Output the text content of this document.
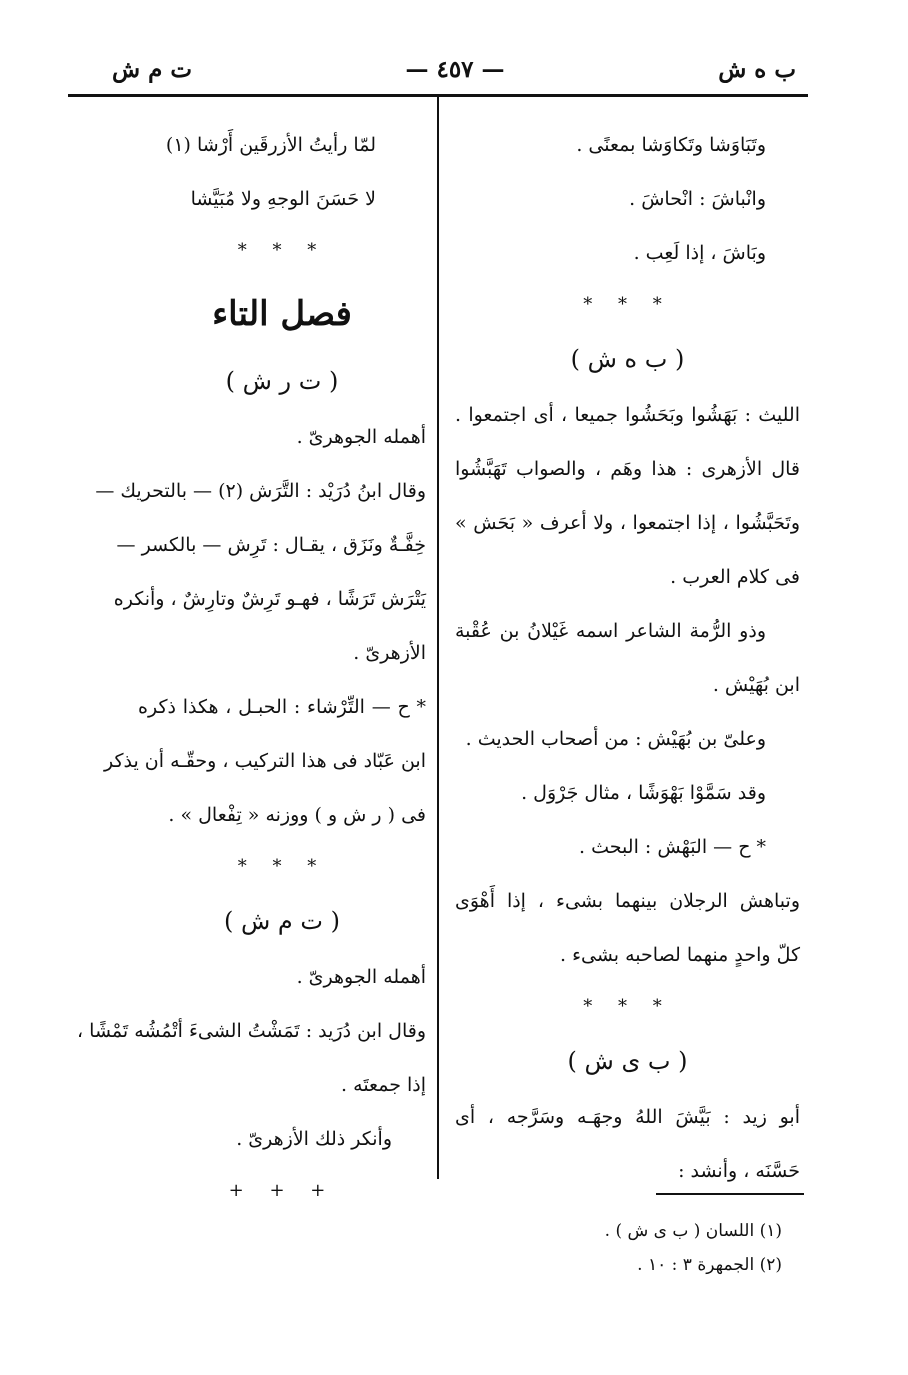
ب ه ش
— ٤٥٧ —
ت م ش
وتَبَاوَشا وتَكاوَشا بمعنًى .
وانْباشَ : انْحاشَ .
وبَاشَ ، إذا لَعِب .
* * *
( ب ه ش )
الليث : بَهَشُوا وبَحَشُوا جميعا ، أى اجتمعوا .
قال الأزهرى : هذا وهَم ، والصواب تَهَبَّشُوا
وتَحَبَّشُوا ، إذا اجتمعوا ، ولا أعرف « بَحَش »
فى كلام العرب .
وذو الرُّمة الشاعر اسمه غَيْلانُ بن عُقْبة
ابن بُهَيْش .
وعلىّ بن بُهَيْش : من أصحاب الحديث .
وقد سَمَّوْا بَهْوَشًا ، مثال جَرْوَل .
* ح — البَهْش : البحث .
وتباهش الرجلان بينهما بشىء ، إذا أَهْوَى
كلّ واحدٍ منهما لصاحبه بشىء .
* * *
( ب ى ش )
أبو زيد : بَيَّشَ اللهُ وجهَـه وسَرَّجه ، أى
حَسَّنَه ، وأنشد :
لمّا رأيتُ الأزرقَين أَرْشا (١)
لا حَسَنَ الوجهِ ولا مُبَيَّشا
* * *
فصل التاء
( ت ر ش )
أهمله الجوهرىّ .
وقال ابنُ دُرَيْد : التَّرَش (٢) — بالتحريك —
خِفَّـةٌ ونَزَق ، يقـال : تَرِش — بالكسر —
يَتْرَش تَرَشًا ، فهـو تَرِشٌ وتارِشٌ ، وأنكره
الأزهرىّ .
* ح — التِّرْشاء : الحبـل ، هكذا ذكره
ابن عَبّاد فى هذا التركيب ، وحقّـه أن يذكر
فى ( ر ش و ) ووزنه « تِفْعال » .
* * *
( ت م ش )
أهمله الجوهرىّ .
وقال ابن دُرَيد : تَمَشْتُ الشىءَ أتْمُشُه تَمْشًا ،
إذا جمعتَه .
وأنكر ذلك الأزهرىّ .
+ + +
(١) اللسان ( ب ى ش ) .
(٢) الجمهرة ٣ : ١٠ .
